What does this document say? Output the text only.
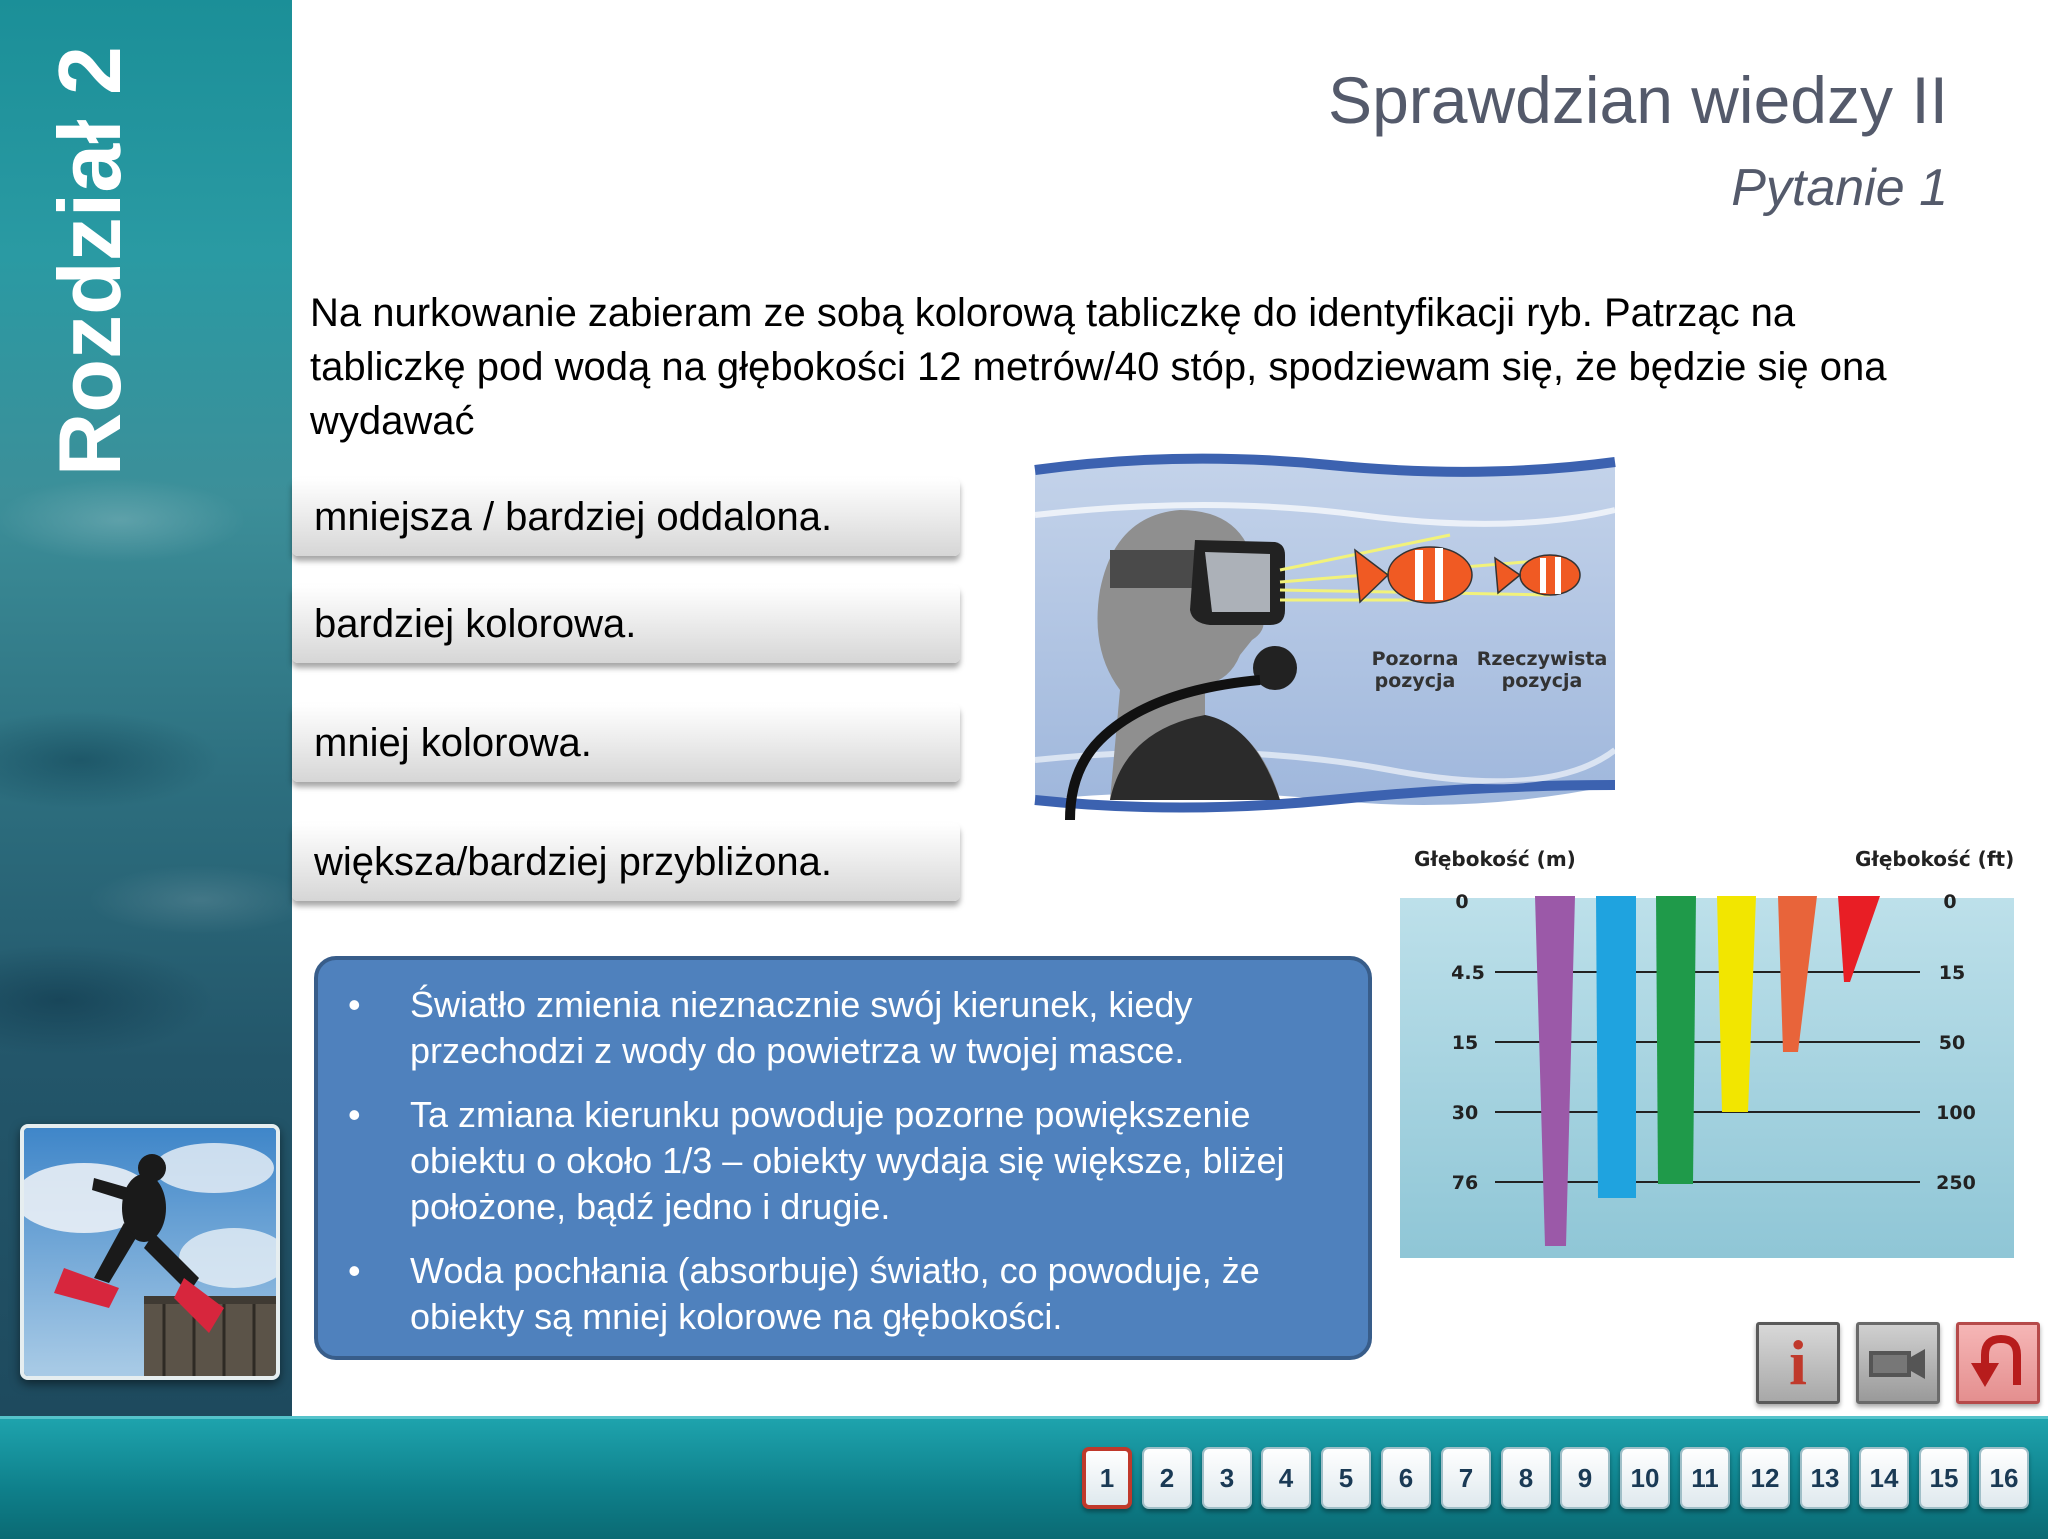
Rozdział 2	Sprawdzian wiedzy II
Pytanie 1
Na nurkowanie zabieram ze sobą kolorową tabliczkę do identyfikacji ryb. Patrząc na tabliczkę pod wodą na głębokości 12 metrów/40 stóp, spodziewam się, że będzie się ona wydawać
mniejsza / bardziej oddalona.
bardziej kolorowa.
mniej kolorowa.
większa/bardziej przybliżona.
Pozorna
pozycja
Rzeczywista
pozycja
Głębokość (m)	Głębokość (ft)
0
4.5
15
30
76
0
15
50
100
250
• Światło zmienia nieznacznie swój kierunek, kiedy przechodzi z wody do powietrza w twojej masce.
• Ta zmiana kierunku powoduje pozorne powiększenie obiektu o około 1/3 – obiekty wydaja się większe, bliżej położone, bądź jedno i drugie.
• Woda pochłania (absorbuje) światło, co powoduje, że obiekty są mniej kolorowe na głębokości.
i
1	2	3	4	5	6	7	8	9	10	11	12	13	14	15	16
